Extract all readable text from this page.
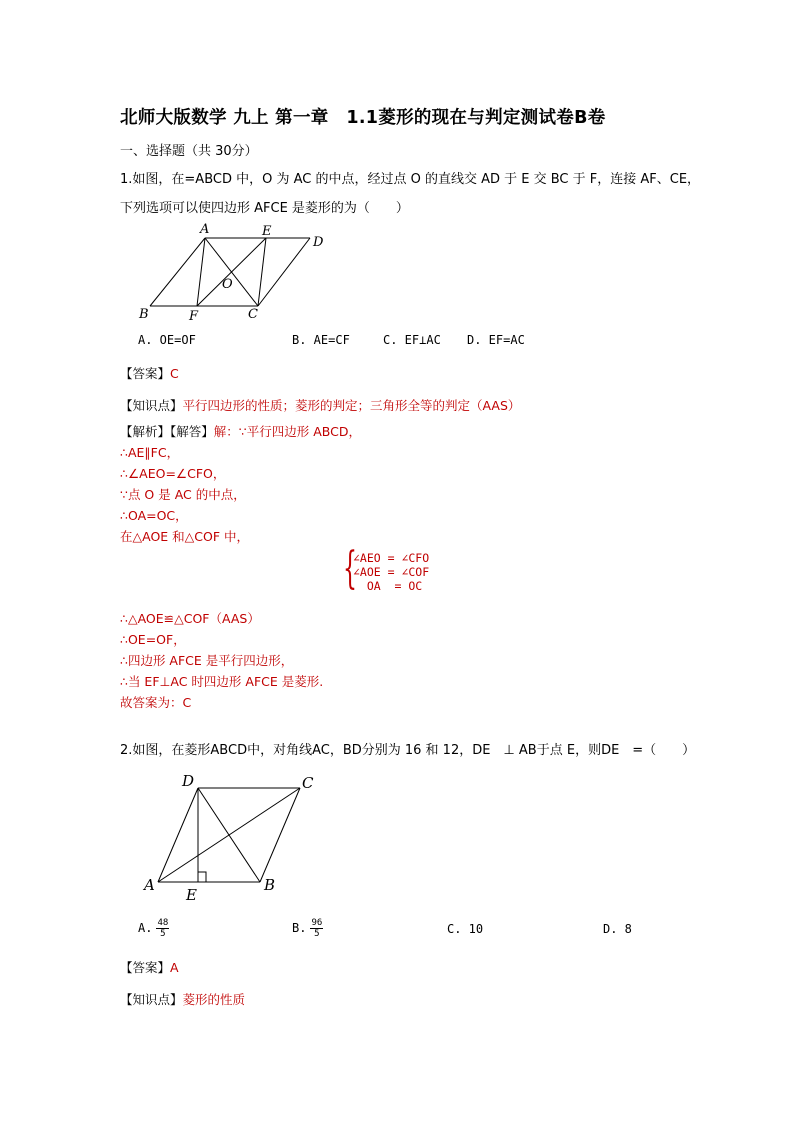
北师大版数学 九上 第一章　1.1菱形的现在与判定测试卷B卷
一、选择题（共 30分）
1.如图，在=ABCD 中，O 为 AC 的中点，经过点 O 的直线交 AD 于 E 交 BC 于 F，连接 AF、CE，
下列选项可以使四边形 AFCE 是菱形的为（　　）
A	E
D
O
B	F	C
A. OE=OF	B. AE=CF	C. EF⊥AC D. EF=AC
【答案】C
【知识点】平行四边形的性质；菱形的判定；三角形全等的判定（AAS）
【解析】【解答】解：∵平行四边形 ABCD，
∴AE∥FC，
∴∠AEO=∠CFO，
∵点 O 是 AC 的中点，
∴OA=OC，
在△AOE 和△COF 中，
{
∠AEO = ∠CFO
∠AOE = ∠COF
OA  = OC
∴△AOE≌△COF（AAS）
∴OE=OF，
∴四边形 AFCE 是平行四边形，
∴当 EF⊥AC 时四边形 AFCE 是菱形.
故答案为：C
2.如图，在菱形ABCD中，对角线AC，BD分别为 16 和 12，DE　⊥ AB于点 E，则DE　=（　　）
D	C
A
E
B
A. $\frac{48}{5}$	B. $\frac{96}{5}$	C. 10	D. 8
【答案】A
【知识点】菱形的性质
